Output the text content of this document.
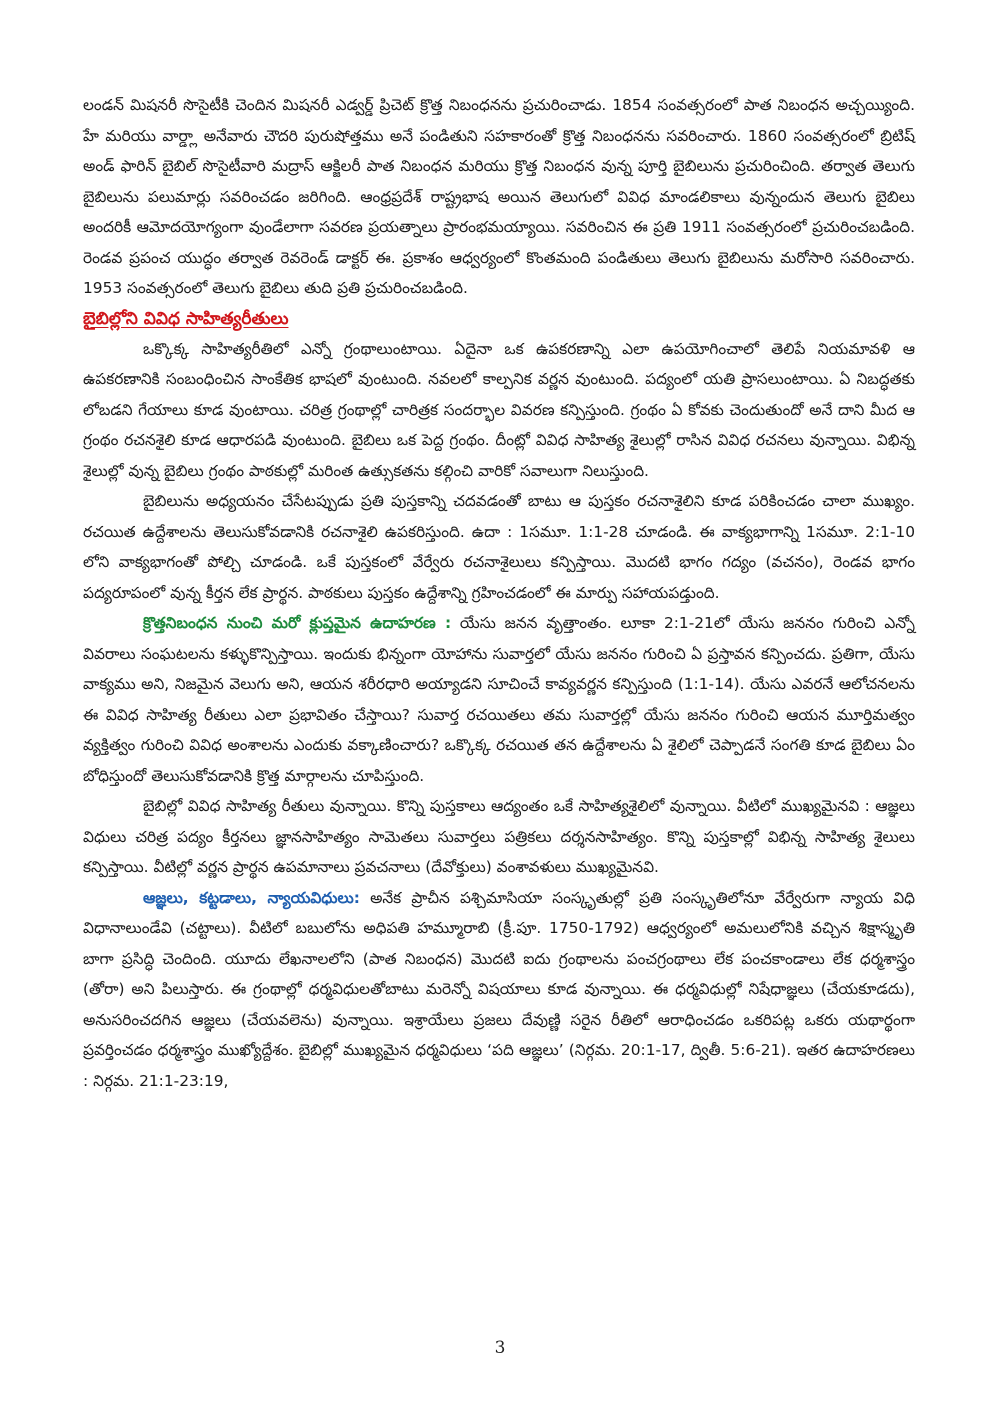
లండన్ మిషనరీ సొసైటీకి చెందిన మిషనరీ ఎడ్వర్డ్ ప్రిచెట్ క్రొత్త నిబంధనను ప్రచురించాడు. 1854 సంవత్సరంలో పాత నిబంధన అచ్చయ్యింది. హే మరియు వార్డ్లా అనేవారు చౌదరి పురుషోత్తము అనే పండితుని సహకారంతో క్రొత్త నిబంధనను సవరించారు. 1860 సంవత్సరంలో బ్రిటిష్ అండ్ ఫారిన్ బైబిల్ సొసైటీవారి మద్రాస్ ఆక్జిలరీ పాత నిబంధన మరియు క్రొత్త నిబంధన వున్న పూర్తి బైబిలును ప్రచురించింది. తర్వాత తెలుగు బైబిలును పలుమార్లు సవరించడం జరిగింది. ఆంధ్రప్రదేశ్ రాష్ట్రభాష అయిన తెలుగులో వివిధ మాండలికాలు వున్నందున తెలుగు బైబిలు అందరికీ ఆమోదయోగ్యంగా వుండేలాగా సవరణ ప్రయత్నాలు ప్రారంభమయ్యాయి. సవరించిన ఈ ప్రతి 1911 సంవత్సరంలో ప్రచురించబడింది. రెండవ ప్రపంచ యుద్ధం తర్వాత రెవరెండ్ డాక్టర్ ఈ. ప్రకాశం ఆధ్వర్యంలో కొంతమంది పండితులు తెలుగు బైబిలును మరోసారి సవరించారు. 1953 సంవత్సరంలో తెలుగు బైబిలు తుది ప్రతి ప్రచురించబడింది.

బైబిల్లోని వివిధ సాహిత్యరీతులు

ఒక్కొక్క సాహిత్యరీతిలో ఎన్నో గ్రంథాలుంటాయి. ఏదైనా ఒక ఉపకరణాన్ని ఎలా ఉపయోగించాలో తెలిపే నియమావళి ఆ ఉపకరణానికి సంబంధించిన సాంకేతిక భాషలో వుంటుంది. నవలలో కాల్పనిక వర్ణన వుంటుంది. పద్యంలో యతి ప్రాసలుంటాయి. ఏ నిబద్ధతకు లోబడని గేయాలు కూడ వుంటాయి. చరిత్ర గ్రంథాల్లో చారిత్రక సందర్భాల వివరణ కన్పిస్తుంది. గ్రంథం ఏ కోవకు చెందుతుందో అనే దాని మీద ఆ గ్రంథం రచనశైలి కూడ ఆధారపడి వుంటుంది. బైబిలు ఒక పెద్ద గ్రంథం. దీంట్లో వివిధ సాహిత్య శైలుల్లో రాసిన వివిధ రచనలు వున్నాయి. విభిన్న శైలుల్లో వున్న బైబిలు గ్రంథం పాఠకుల్లో మరింత ఉత్సుకతను కల్గించి వారికో సవాలుగా నిలుస్తుంది.

బైబిలును అధ్యయనం చేసేటప్పుడు ప్రతి పుస్తకాన్ని చదవడంతో బాటు ఆ పుస్తకం రచనాశైలిని కూడ పరికించడం చాలా ముఖ్యం. రచయిత ఉద్దేశాలను తెలుసుకోవడానికి రచనాశైలి ఉపకరిస్తుంది. ఉదా : 1సమూ. 1:1-28 చూడండి. ఈ వాక్యభాగాన్ని 1సమూ. 2:1-10 లోని వాక్యభాగంతో పోల్చి చూడండి. ఒకే పుస్తకంలో వేర్వేరు రచనాశైలులు కన్పిస్తాయి. మొదటి భాగం గద్యం (వచనం), రెండవ భాగం పద్యరూపంలో వున్న కీర్తన లేక ప్రార్థన. పాఠకులు పుస్తకం ఉద్దేశాన్ని గ్రహించడంలో ఈ మార్పు సహాయపడ్తుంది.

క్రొత్తనిబంధన నుంచి మరో క్లుప్తమైన ఉదాహరణ : యేసు జనన వృత్తాంతం. లూకా 2:1-21లో యేసు జననం గురించి ఎన్నో వివరాలు సంఘటలను కళ్ళుకొన్పిస్తాయి. ఇందుకు భిన్నంగా యోహాను సువార్తలో యేసు జననం గురించి ఏ ప్రస్తావన కన్పించదు. ప్రతిగా, యేసు వాక్యము అని, నిజమైన వెలుగు అని, ఆయన శరీరధారి అయ్యాడని సూచించే కావ్యవర్ణన కన్పిస్తుంది (1:1-14). యేసు ఎవరనే ఆలోచనలను ఈ వివిధ సాహిత్య రీతులు ఎలా ప్రభావితం చేస్తాయి? సువార్త రచయితలు తమ సువార్తల్లో యేసు జననం గురించి ఆయన మూర్తిమత్వం వ్యక్తిత్వం గురించి వివిధ అంశాలను ఎందుకు వక్కాణించారు? ఒక్కొక్క రచయిత తన ఉద్దేశాలను ఏ శైలిలో చెప్పాడనే సంగతి కూడ బైబిలు ఏం బోధిస్తుందో తెలుసుకోవడానికి క్రొత్త మార్గాలను చూపిస్తుంది.

బైబిల్లో వివిధ సాహిత్య రీతులు వున్నాయి. కొన్ని పుస్తకాలు ఆద్యంతం ఒకే సాహిత్యశైలిలో వున్నాయి. వీటిలో ముఖ్యమైనవి : ఆజ్ఞలు విధులు చరిత్ర పద్యం కీర్తనలు జ్ఞానసాహిత్యం సామెతలు సువార్తలు పత్రికలు దర్శనసాహిత్యం. కొన్ని పుస్తకాల్లో విభిన్న సాహిత్య శైలులు కన్పిస్తాయి. వీటిల్లో వర్ణన ప్రార్థన ఉపమానాలు ప్రవచనాలు (దేవోక్తులు) వంశావళులు ముఖ్యమైనవి.

ఆజ్ఞలు, కట్టడాలు, న్యాయవిధులు: అనేక ప్రాచీన పశ్చిమాసియా సంస్కృతుల్లో ప్రతి సంస్కృతిలోనూ వేర్వేరుగా న్యాయ విధి విధానాలుండేవి (చట్టాలు). వీటిలో బబులోను అధిపతి హమ్మూరాబి (క్రీ.పూ. 1750-1792) ఆధ్వర్యంలో అమలులోనికి వచ్చిన శిక్షాస్మృతి బాగా ప్రసిద్ధి చెందింది. యూదు లేఖనాలలోని (పాత నిబంధన) మొదటి ఐదు గ్రంథాలను పంచగ్రంథాలు లేక పంచకాండాలు లేక ధర్మశాస్త్రం (తోరా) అని పిలుస్తారు. ఈ గ్రంథాల్లో ధర్మవిధులతోబాటు మరెన్నో విషయాలు కూడ వున్నాయి. ఈ ధర్మవిధుల్లో నిషేధాజ్ఞలు (చేయకూడదు), అనుసరించదగిన ఆజ్ఞలు (చేయవలెను) వున్నాయి. ఇశ్రాయేలు ప్రజలు దేవుణ్ణి సరైన రీతిలో ఆరాధించడం ఒకరిపట్ల ఒకరు యథార్థంగా ప్రవర్తించడం ధర్మశాస్త్రం ముఖ్యోద్దేశం. బైబిల్లో ముఖ్యమైన ధర్మవిధులు ‘పది ఆజ్ఞలు’ (నిర్గమ. 20:1-17, ద్వితీ. 5:6-21). ఇతర ఉదాహరణలు : నిర్గమ. 21:1-23:19,

3
